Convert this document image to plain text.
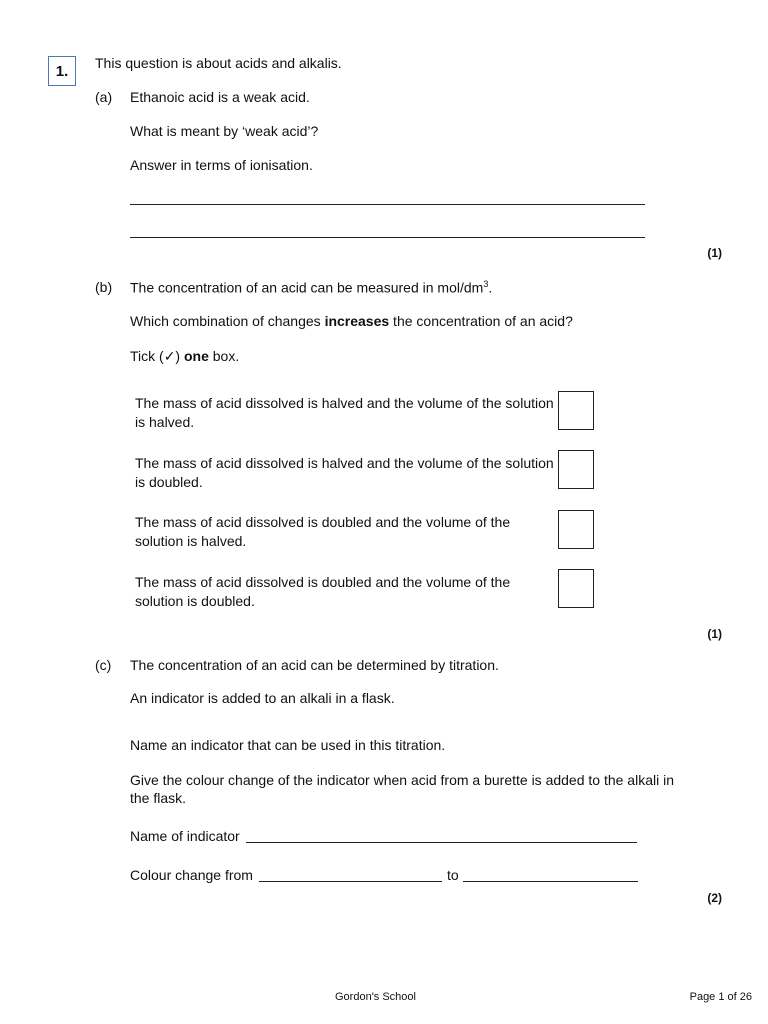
1.	This question is about acids and alkalis.
(a) Ethanoic acid is a weak acid.
What is meant by ‘weak acid’?
Answer in terms of ionisation.
(1)
(b) The concentration of an acid can be measured in mol/$dm^3$.
Which combination of changes increases the concentration of an acid?
Tick (✓) one box.
The mass of acid dissolved is halved and the volume of the solution is halved.
The mass of acid dissolved is halved and the volume of the solution is doubled.
The mass of acid dissolved is doubled and the volume of the solution is halved.
The mass of acid dissolved is doubled and the volume of the solution is doubled.
(1)
(c) The concentration of an acid can be determined by titration.
An indicator is added to an alkali in a flask.
Name an indicator that can be used in this titration.
Give the colour change of the indicator when acid from a burette is added to the alkali in the flask.
Name of indicator
Colour change from	to
(2)
Gordon's School	Page 1 of 26
